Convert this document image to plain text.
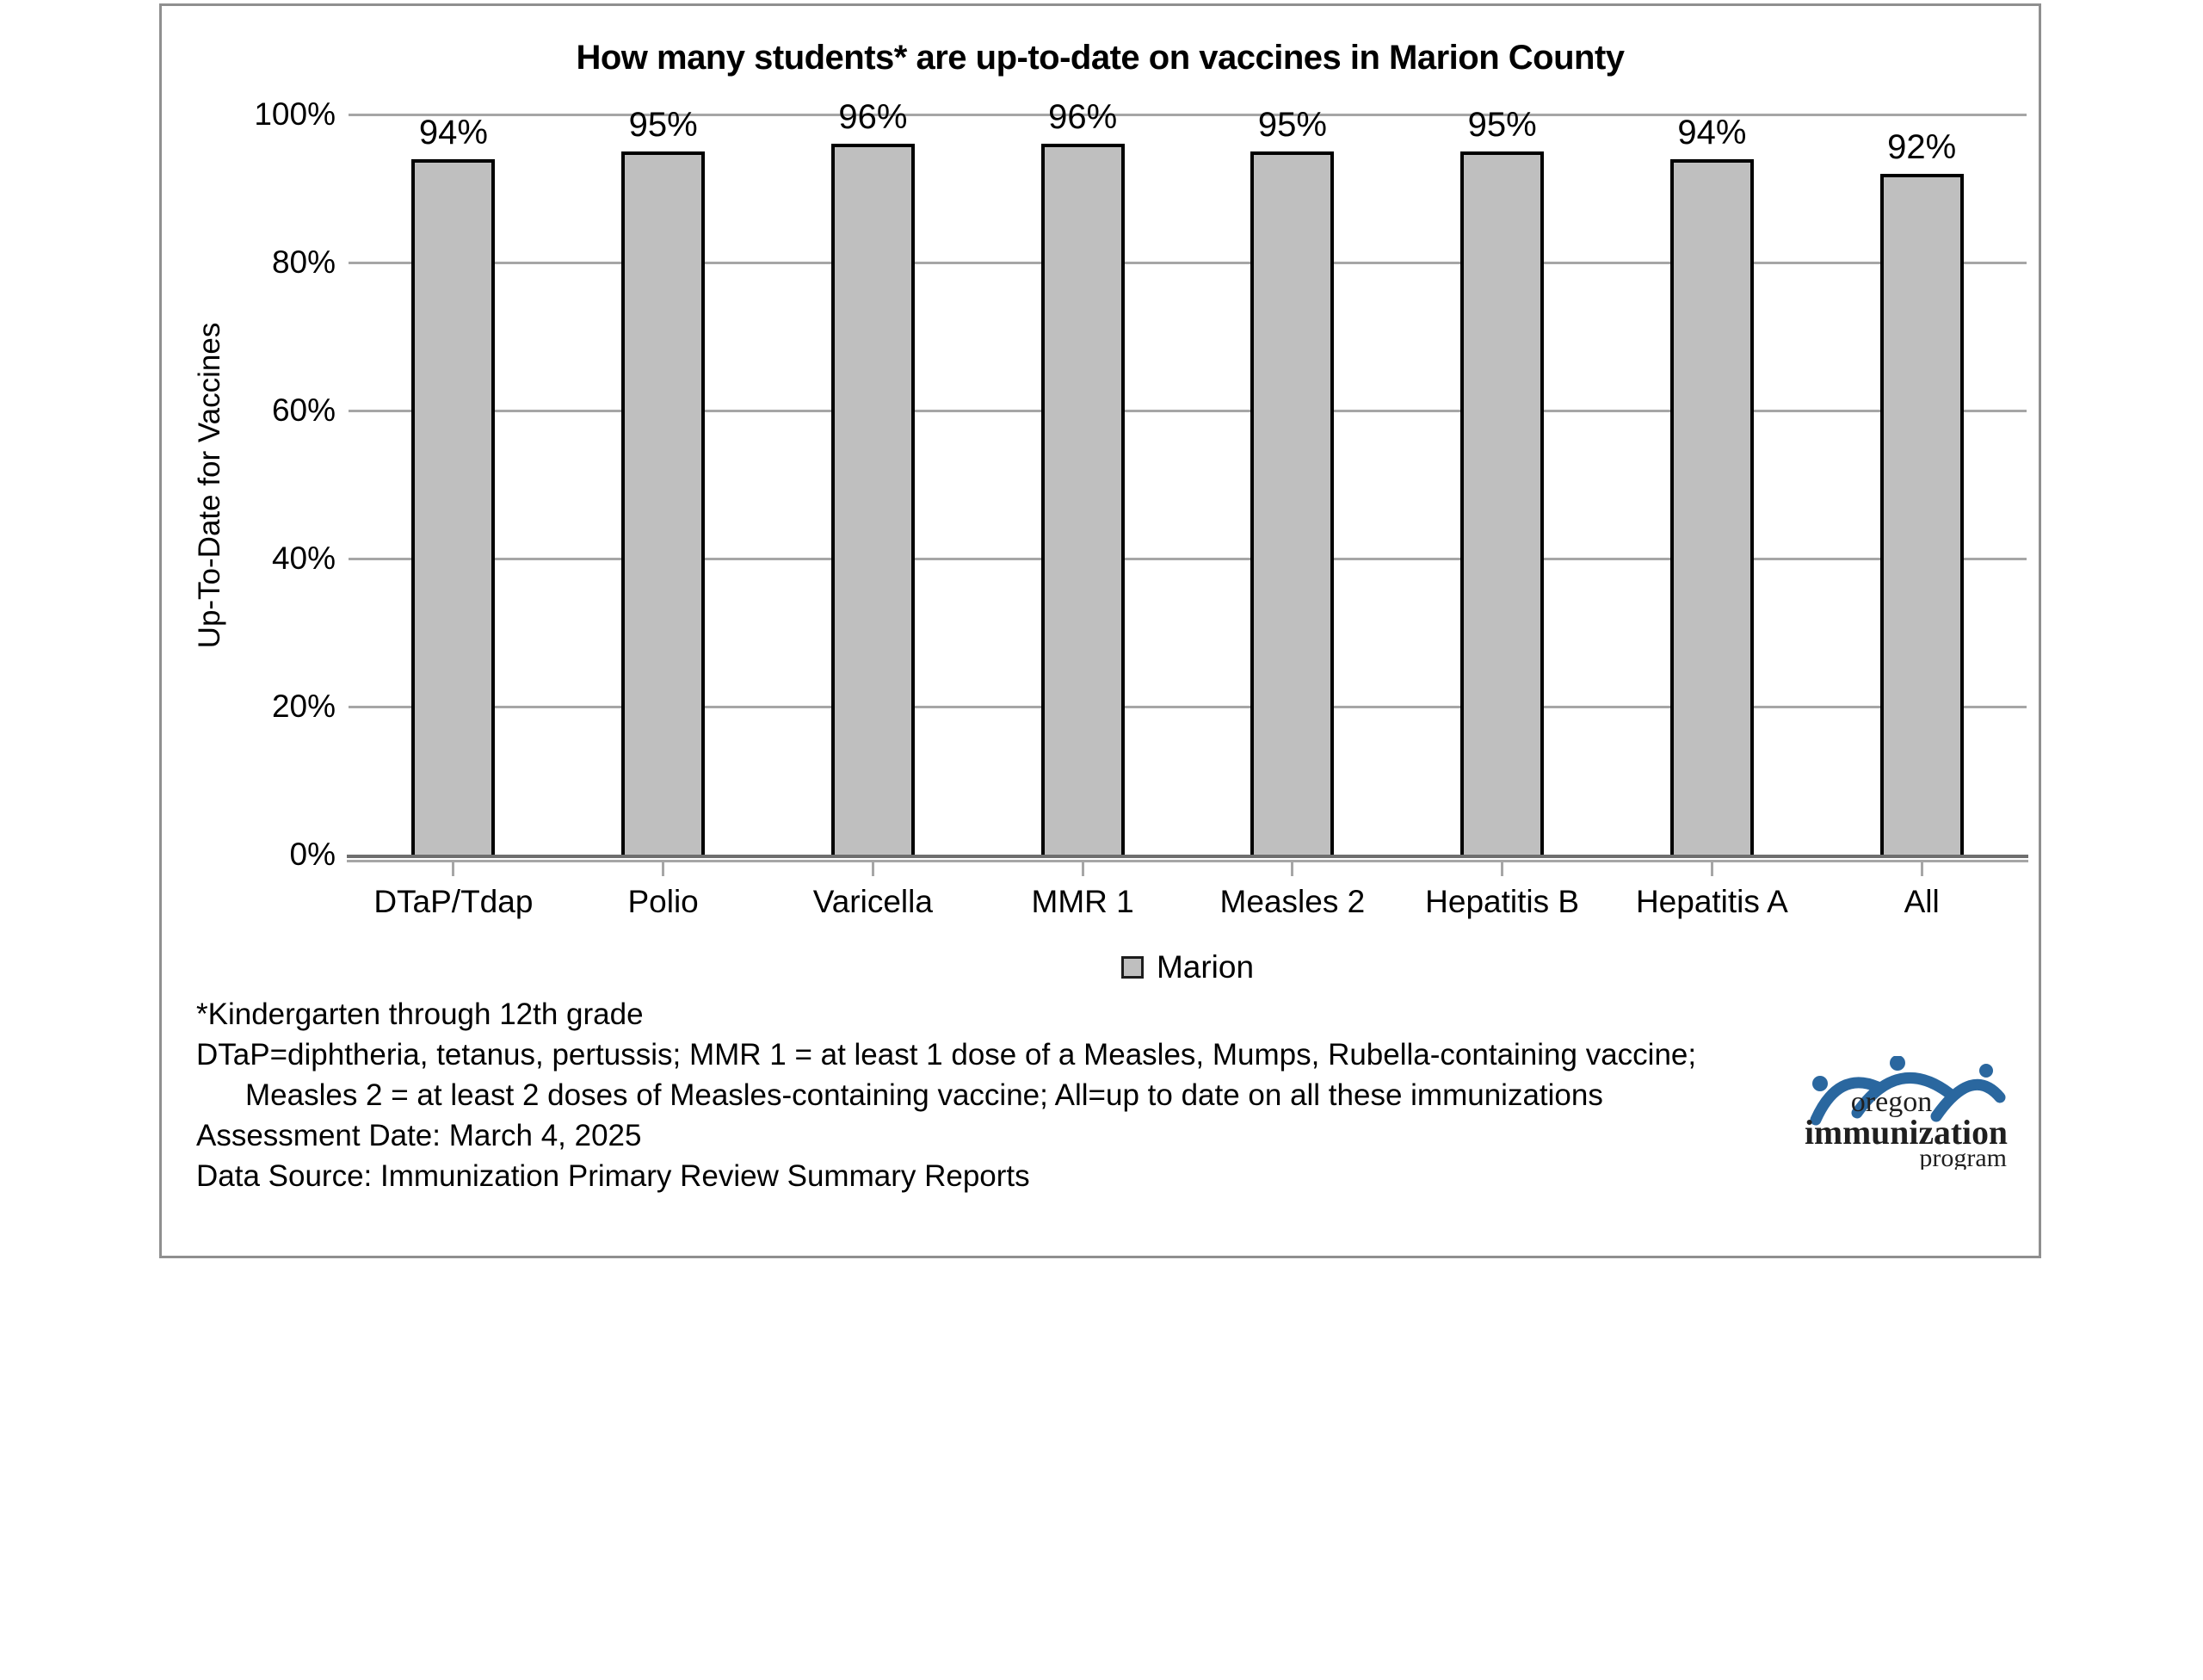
How many students* are up-to-date on vaccines in Marion County
Up-To-Date for Vaccines
100%
80%
60%
40%
20%
0%
94%	95%	96%	96%	95%	95%	94%	92%
DTaP/Tdap	Polio	Varicella	MMR 1	Measles 2	Hepatitis B	Hepatitis A	All
Marion
*Kindergarten through 12th grade
DTaP=diphtheria, tetanus, pertussis; MMR 1 = at least 1 dose of a Measles, Mumps, Rubella-containing vaccine;
Measles 2 = at least 2 doses of Measles-containing vaccine; All=up to date on all these immunizations
Assessment Date: March 4, 2025
Data Source: Immunization Primary Review Summary Reports
oregon
immunization
program
